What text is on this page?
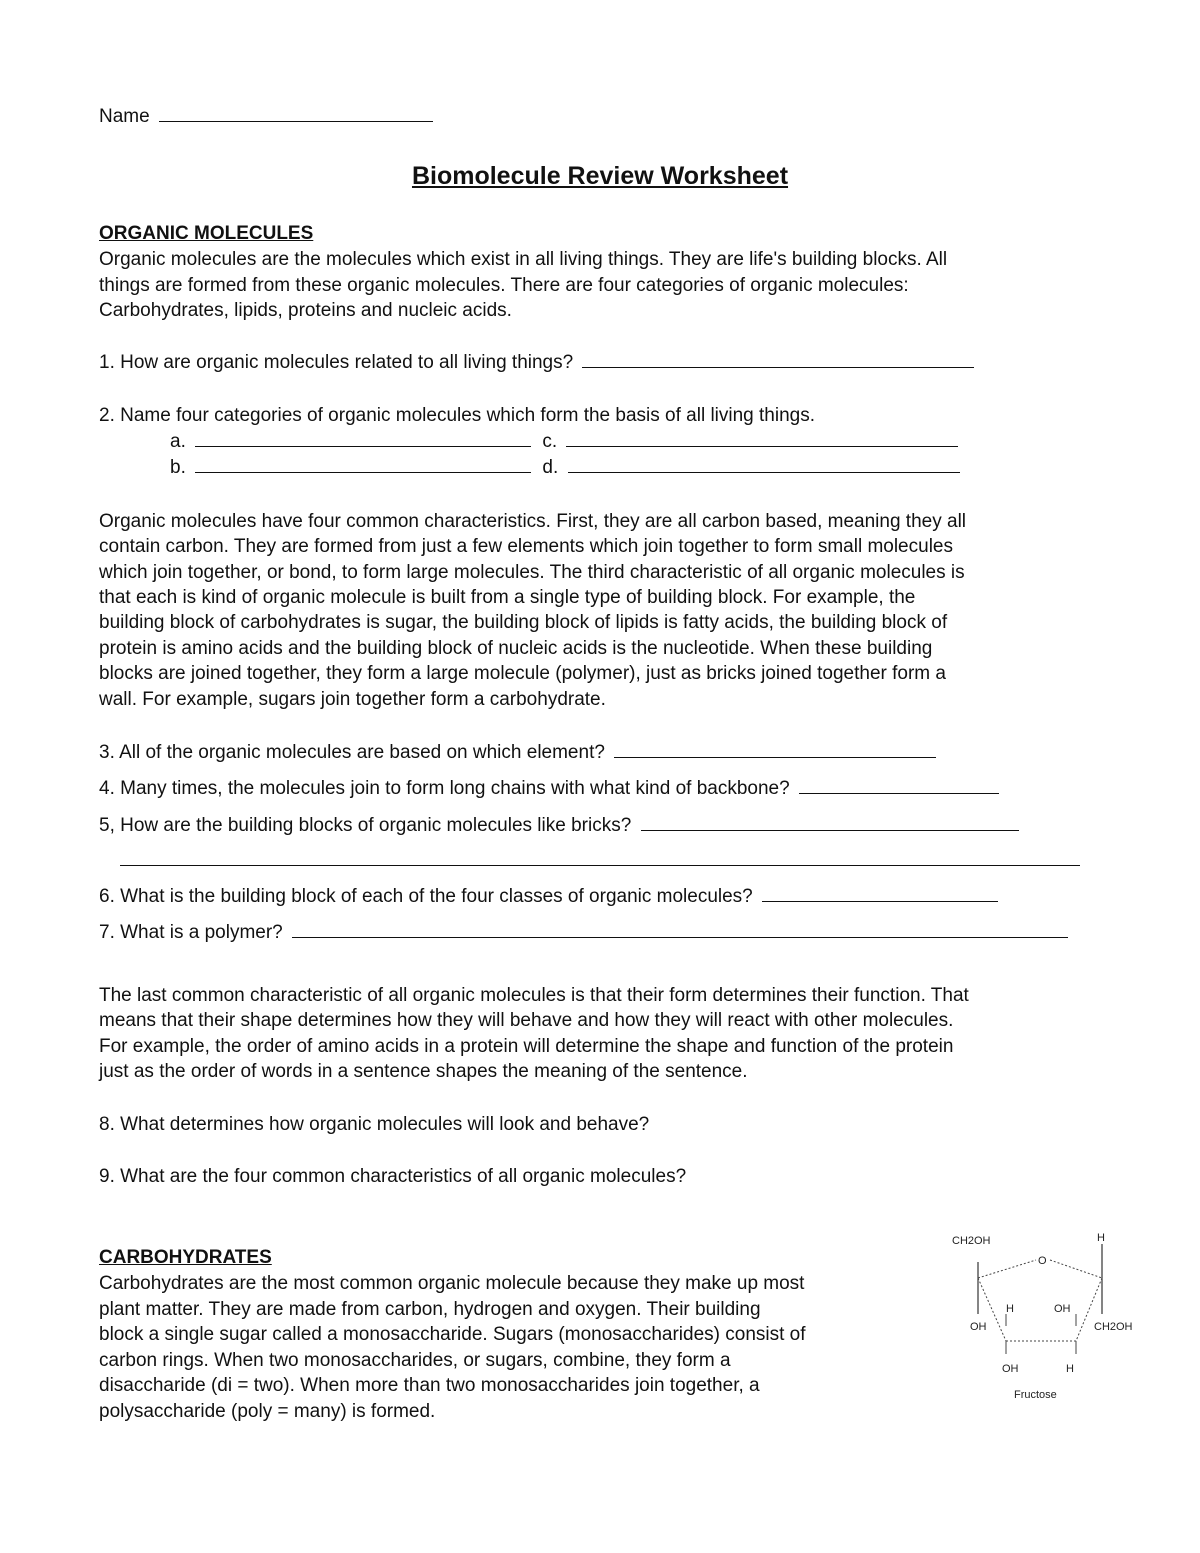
Name
Biomolecule Review Worksheet
ORGANIC MOLECULES
Organic molecules are the molecules which exist in all living things. They are life's building blocks. All
things are formed from these organic molecules. There are four categories of organic molecules:
Carbohydrates, lipids, proteins and nucleic acids.
1. How are organic molecules related to all living things?
2. Name four categories of organic molecules which form the basis of all living things.
a.	c.
b.	d.
Organic molecules have four common characteristics. First, they are all carbon based, meaning they all
contain carbon. They are formed from just a few elements which join together to form small molecules
which join together, or bond, to form large molecules. The third characteristic of all organic molecules is
that each is kind of organic molecule is built from a single type of building block. For example, the
building block of carbohydrates is sugar, the building block of lipids is fatty acids, the building block of
protein is amino acids and the building block of nucleic acids is the nucleotide. When these building
blocks are joined together, they form a large molecule (polymer), just as bricks joined together form a
wall. For example, sugars join together form a carbohydrate.
3. All of the organic molecules are based on which element?
4. Many times, the molecules join to form long chains with what kind of backbone?
5, How are the building blocks of organic molecules like bricks?
6. What is the building block of each of the four classes of organic molecules?
7. What is a polymer?
The last common characteristic of all organic molecules is that their form determines their function. That
means that their shape determines how they will behave and how they will react with other molecules.
For example, the order of amino acids in a protein will determine the shape and function of the protein
just as the order of words in a sentence shapes the meaning of the sentence.
8. What determines how organic molecules will look and behave?
9. What are the four common characteristics of all organic molecules?
CARBOHYDRATES
Carbohydrates are the most common organic molecule because they make up most
plant matter. They are made from carbon, hydrogen and oxygen. Their building
block a single sugar called a monosaccharide. Sugars (monosaccharides) consist of
carbon rings. When two monosaccharides, or sugars, combine, they form a
disaccharide (di = two). When more than two monosaccharides join together, a
polysaccharide (poly = many) is formed.
CH2OH	H
O
H	OH
OH	CH2OH
OH	H
Fructose
